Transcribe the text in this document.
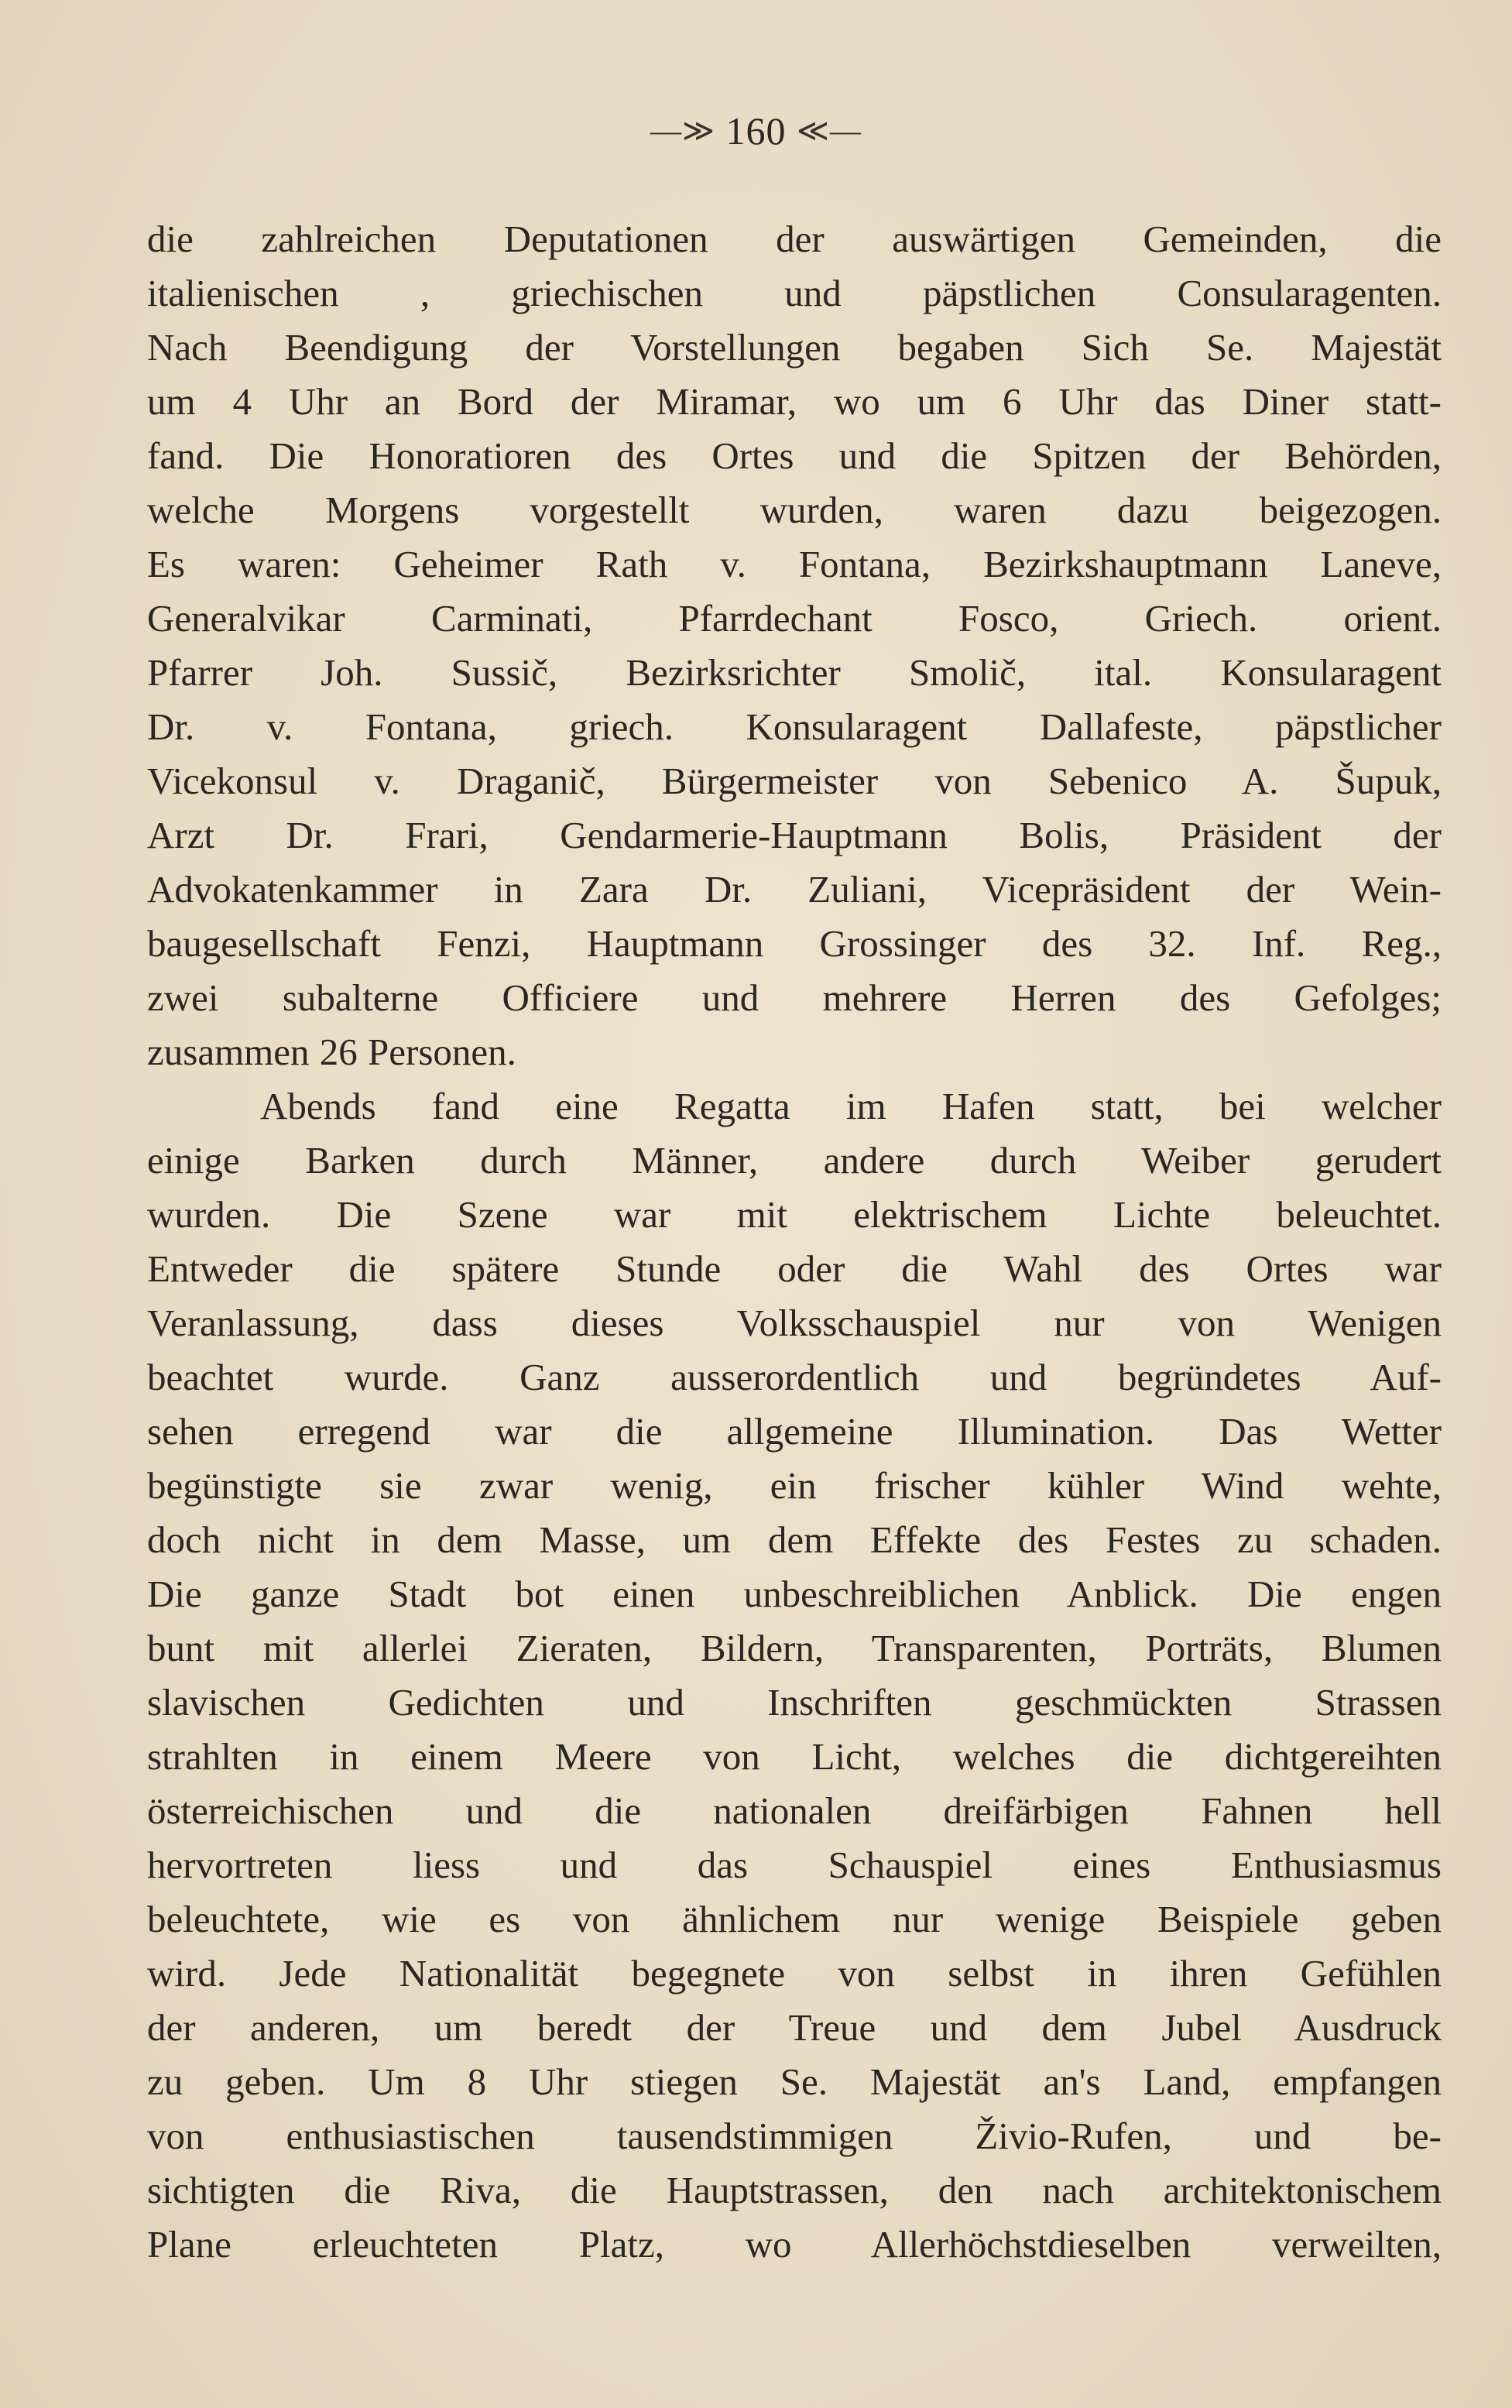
—≫ 160 ≪—
die zahlreichen Deputationen der auswärtigen Gemeinden, die
italienischen , griechischen und päpstlichen Consularagenten.
Nach Beendigung der Vorstellungen begaben Sich Se. Majestät
um 4 Uhr an Bord der Miramar, wo um 6 Uhr das Diner statt-
fand. Die Honoratioren des Ortes und die Spitzen der Behörden,
welche Morgens vorgestellt wurden, waren dazu beigezogen.
Es waren: Geheimer Rath v. Fontana, Bezirkshauptmann Laneve,
Generalvikar Carminati, Pfarrdechant Fosco, Griech. orient.
Pfarrer Joh. Sussič, Bezirksrichter Smolič, ital. Konsularagent
Dr. v. Fontana, griech. Konsularagent Dallafeste, päpstlicher
Vicekonsul v. Draganič, Bürgermeister von Sebenico A. Šupuk,
Arzt Dr. Frari, Gendarmerie-Hauptmann Bolis, Präsident der
Advokatenkammer in Zara Dr. Zuliani, Vicepräsident der Wein-
baugesellschaft Fenzi, Hauptmann Grossinger des 32. Inf. Reg.,
zwei subalterne Officiere und mehrere Herren des Gefolges;
zusammen 26 Personen.
Abends fand eine Regatta im Hafen statt, bei welcher
einige Barken durch Männer, andere durch Weiber gerudert
wurden. Die Szene war mit elektrischem Lichte beleuchtet.
Entweder die spätere Stunde oder die Wahl des Ortes war
Veranlassung, dass dieses Volksschauspiel nur von Wenigen
beachtet wurde. Ganz ausserordentlich und begründetes Auf-
sehen erregend war die allgemeine Illumination. Das Wetter
begünstigte sie zwar wenig, ein frischer kühler Wind wehte,
doch nicht in dem Masse, um dem Effekte des Festes zu schaden.
Die ganze Stadt bot einen unbeschreiblichen Anblick. Die engen
bunt mit allerlei Zieraten, Bildern, Transparenten, Porträts, Blumen
slavischen Gedichten und Inschriften geschmückten Strassen
strahlten in einem Meere von Licht, welches die dichtgereihten
österreichischen und die nationalen dreifärbigen Fahnen hell
hervortreten liess und das Schauspiel eines Enthusiasmus
beleuchtete, wie es von ähnlichem nur wenige Beispiele geben
wird. Jede Nationalität begegnete von selbst in ihren Gefühlen
der anderen, um beredt der Treue und dem Jubel Ausdruck
zu geben. Um 8 Uhr stiegen Se. Majestät an's Land, empfangen
von enthusiastischen tausendstimmigen Živio-Rufen, und be-
sichtigten die Riva, die Hauptstrassen, den nach architektonischem
Plane erleuchteten Platz, wo Allerhöchstdieselben verweilten,
